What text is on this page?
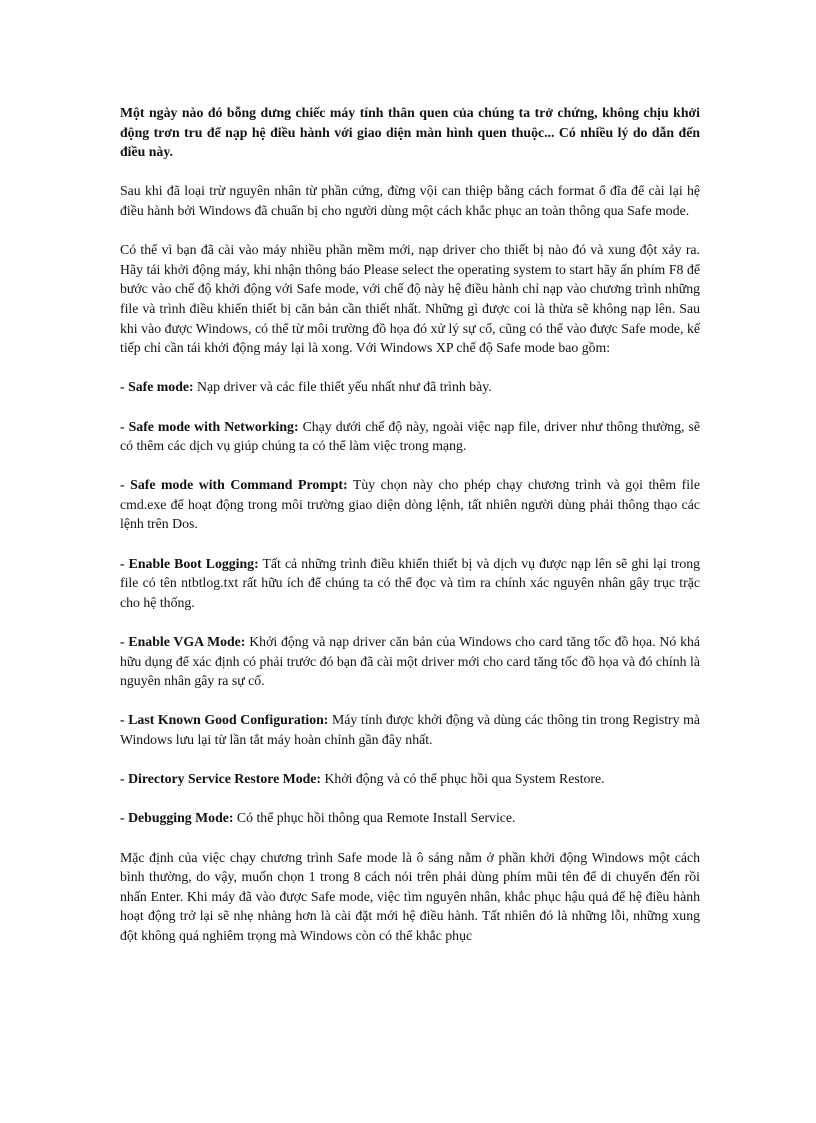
Một ngày nào đó bỗng dưng chiếc máy tính thân quen của chúng ta trở chứng, không chịu khởi động trơn tru để nạp hệ điều hành với giao diện màn hình quen thuộc... Có nhiều lý do dẫn đến điều này.

Sau khi đã loại trừ nguyên nhân từ phần cứng, đừng vội can thiệp bằng cách format ổ đĩa để cài lại hệ điều hành bởi Windows đã chuẩn bị cho người dùng một cách khắc phục an toàn thông qua Safe mode.

Có thể vì bạn đã cài vào máy nhiều phần mềm mới, nạp driver cho thiết bị nào đó và xung đột xảy ra. Hãy tái khởi động máy, khi nhận thông báo Please select the operating system to start hãy ấn phím F8 để bước vào chế độ khởi động với Safe mode, với chế độ này hệ điều hành chỉ nạp vào chương trình những file và trình điều khiển thiết bị căn bản cần thiết nhất. Những gì được coi là thừa sẽ không nạp lên. Sau khi vào được Windows, có thể từ môi trường đồ họa đó xử lý sự cố, cũng có thể vào được Safe mode, kế tiếp chỉ cần tái khởi động máy lại là xong. Với Windows XP chế độ Safe mode bao gồm:

- Safe mode: Nạp driver và các file thiết yếu nhất như đã trình bày.

- Safe mode with Networking: Chạy dưới chế độ này, ngoài việc nạp file, driver như thông thường, sẽ có thêm các dịch vụ giúp chúng ta có thể làm việc trong mạng.

- Safe mode with Command Prompt: Tùy chọn này cho phép chạy chương trình và gọi thêm file cmd.exe để hoạt động trong môi trường giao diện dòng lệnh, tất nhiên người dùng phải thông thạo các lệnh trên Dos.

- Enable Boot Logging: Tất cả những trình điều khiển thiết bị và dịch vụ được nạp lên sẽ ghi lại trong file có tên ntbtlog.txt rất hữu ích để chúng ta có thể đọc và tìm ra chính xác nguyên nhân gây trục trặc cho hệ thống.

- Enable VGA Mode: Khởi động và nạp driver căn bản của Windows cho card tăng tốc đồ họa. Nó khá hữu dụng để xác định có phải trước đó bạn đã cài một driver mới cho card tăng tốc đồ họa và đó chính là nguyên nhân gây ra sự cố.

- Last Known Good Configuration: Máy tính được khởi động và dùng các thông tin trong Registry mà Windows lưu lại từ lần tắt máy hoàn chỉnh gần đây nhất.

- Directory Service Restore Mode: Khởi động và có thể phục hồi qua System Restore.

- Debugging Mode: Có thể phục hồi thông qua Remote Install Service.

Mặc định của việc chạy chương trình Safe mode là ô sáng nằm ở phần khởi động Windows một cách bình thường, do vậy, muốn chọn 1 trong 8 cách nói trên phải dùng phím mũi tên để di chuyển đến rồi nhấn Enter. Khi máy đã vào được Safe mode, việc tìm nguyên nhân, khắc phục hậu quả để hệ điều hành hoạt động trở lại sẽ nhẹ nhàng hơn là cài đặt mới hệ điều hành. Tất nhiên đó là những lỗi, những xung đột không quá nghiêm trọng mà Windows còn có thể khắc phục
